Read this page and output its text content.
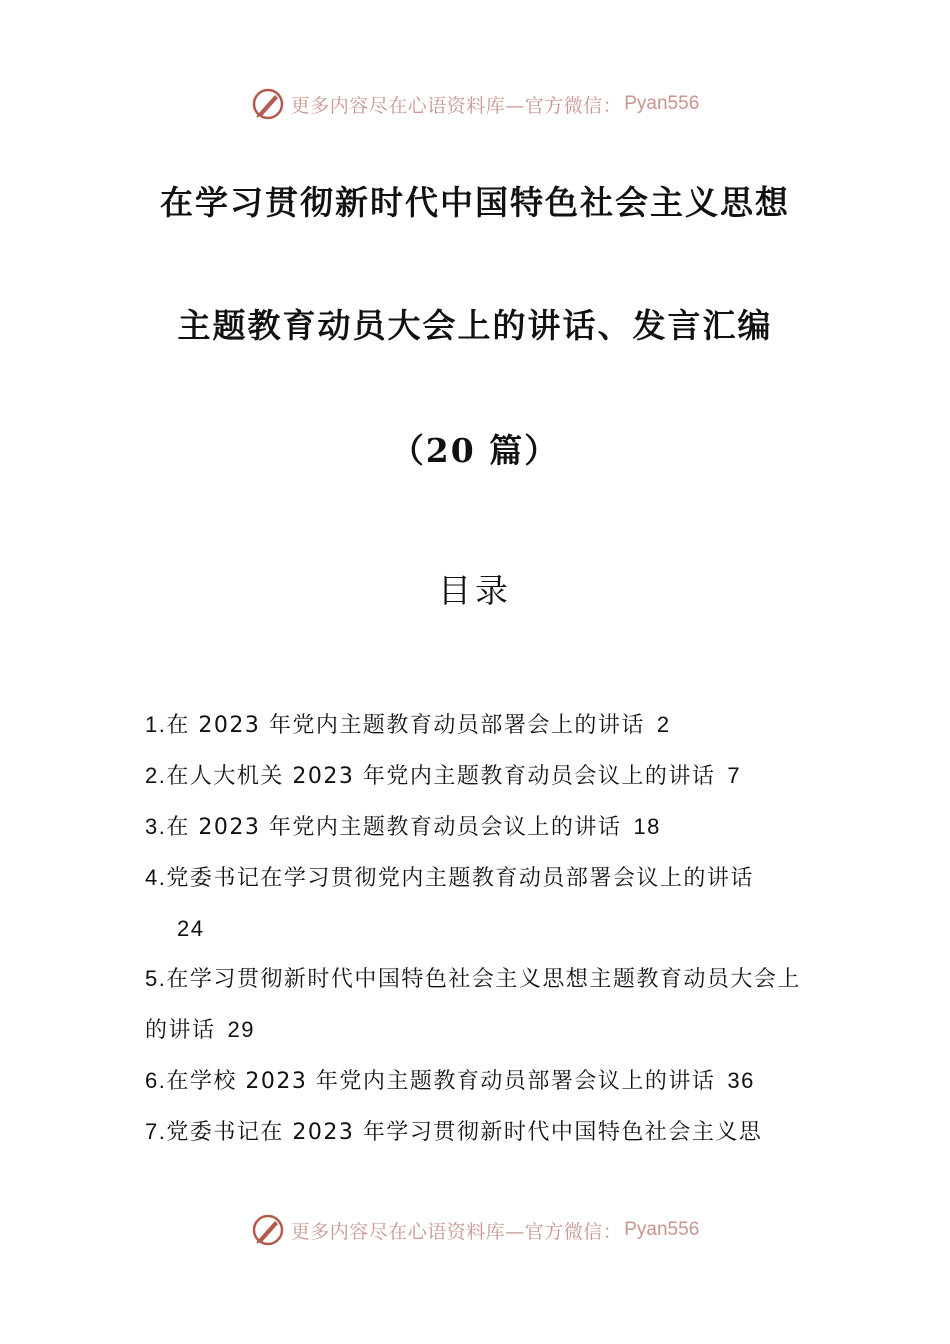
更多内容尽在心语资料库—官方微信： Pyan556
在学习贯彻新时代中国特色社会主义思想
主题教育动员大会上的讲话、发言汇编
（20 篇）
目录

1.在 2023 年党内主题教育动员部署会上的讲话 2

2.在人大机关 2023 年党内主题教育动员会议上的讲话 7

3.在 2023 年党内主题教育动员会议上的讲话 18

4.党委书记在学习贯彻党内主题教育动员部署会议上的讲话
24

5.在学习贯彻新时代中国特色社会主义思想主题教育动员大会上的讲话 29

6.在学校 2023 年党内主题教育动员部署会议上的讲话 36

7.党委书记在 2023 年学习贯彻新时代中国特色社会主义思

更多内容尽在心语资料库—官方微信： Pyan556
